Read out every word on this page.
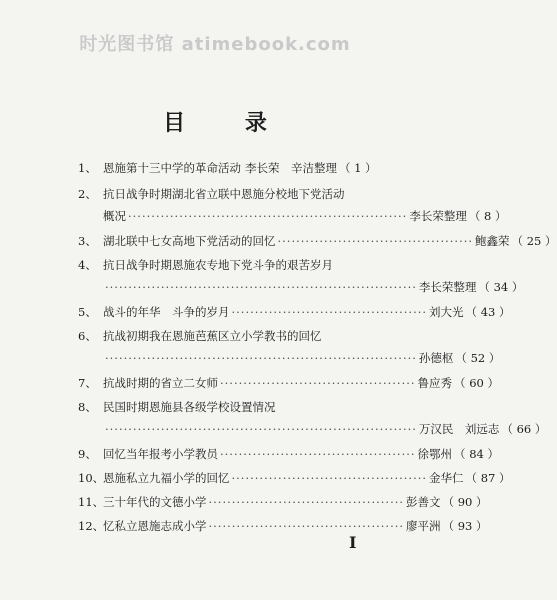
时光图书馆 atimebook.com
目 录
1、 恩施第十三中学的革命活动 李长荣　辛洁整理 （ 1 ）
2、 抗日战争时期湖北省立联中恩施分校地下党活动
概况 ···························································· 李长荣整理 （ 8 ）
3、 湖北联中七女高地下党活动的回忆 ·········································· 鲍鑫荣 （ 25 ）
4、 抗日战争时期恩施农专地下党斗争的艰苦岁月
··································································· 李长荣整理 （ 34 ）
5、 战斗的年华　斗争的岁月 ·········································· 刘大光 （ 43 ）
6、 抗战初期我在恩施芭蕉区立小学教书的回忆
··································································· 孙德枢 （ 52 ）
7、 抗战时期的省立二女师 ·········································· 鲁应秀 （ 60 ）
8、 民国时期恩施县各级学校设置情况
··································································· 万汉民　刘远志 （ 66 ）
9、 回忆当年报考小学教员 ·········································· 徐鄂州 （ 84 ）
10、
恩施私立九福小学的回忆 ·········································· 金华仁 （ 87 ）
11、
三十年代的文德小学 ·········································· 彭善文 （ 90 ）
12、
忆私立恩施志成小学 ·········································· 廖平洲 （ 93 ）
I
